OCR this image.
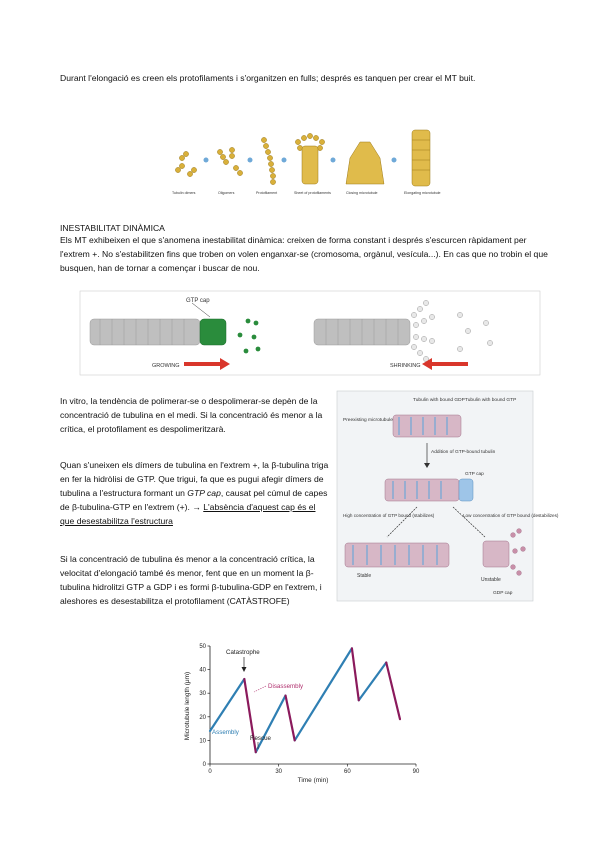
Durant l'elongació es creen els protofilaments i s'organitzen en fulls; després es tanquen per crear el MT buit.
Tubulin dimers	Oligomers	Protofilament	Sheet of protofilaments	Closing microtubule	Elongating microtubule
INESTABILITAT DINÀMICA
Els MT exhibeixen el que s'anomena inestabilitat dinàmica: creixen de forma constant i després s'escurcen ràpidament per l'extrem +. No s'estabilitzen fins que troben on volen enganxar-se (cromosoma, orgànul, vesícula...). En cas que no trobin el que busquen, han de tornar a començar i buscar de nou.
GTP cap
GROWING	SHRINKING
In vitro, la tendència de polimerar-se o despolimerar-se depèn de la concentració de tubulina en el medi. Si la concentració és menor a la crítica, el protofilament es despolimeritzarà.
Quan s'uneixen els dímers de tubulina en l'extrem +, la β-tubulina triga en fer la hidròlisi de GTP. Que trigui, fa que es pugui afegir dímers de tubulina a l'estructura formant un GTP cap, causat pel cúmul de capes de β-tubulina-GTP en l'extrem (+). → L'absència d'aquest cap és el que desestabilitza l'estructura
Si la concentració de tubulina és menor a la concentració crítica, la velocitat d'elongació també és menor, fent que en un moment la β-tubulina hidrolitzi GTP a GDP i es formi β-tubulina-GDP en l'extrem, i aleshores es desestabilitza el protofilament (CATÀSTROFE)
Tubulin with bound GDP Tubulin with bound GTP
Preexisting microtubule
Addition of GTP-bound tubulin
GTP cap
High concentration of GTP bound (stabilizes)	Low concentration of GTP bound (destabilizes)
Stable
Unstable
GDP cap
0
10
20
30
40
50
0	30	60	90
Microtubule length (μm)
Time (min)
Catastrophe
Disassembly
Rescue
Assembly
